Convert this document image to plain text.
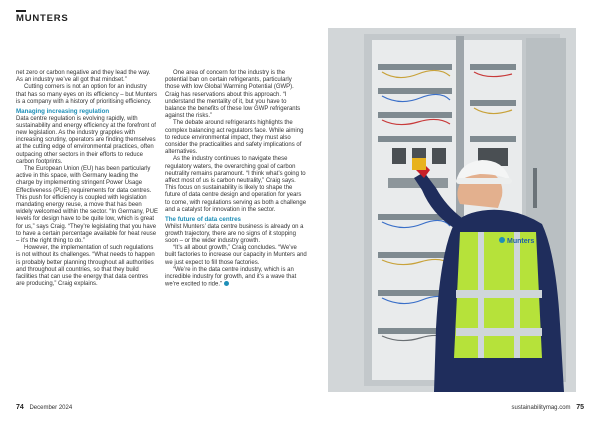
MUNTERS

net zero or carbon negative and they lead the way. As an industry we’ve all got that mindset.”

Cutting corners is not an option for an industry that has so many eyes on its efficiency – but Munters is a company with a history of prioritising efficiency.

Managing increasing regulation

Data centre regulation is evolving rapidly, with sustainability and energy efficiency at the forefront of new legislation. As the industry grapples with increasing scrutiny, operators are finding themselves at the cutting edge of environmental practices, often outpacing other sectors in their efforts to reduce carbon footprints.

The European Union (EU) has been particularly active in this space, with Germany leading the charge by implementing stringent Power Usage Effectiveness (PUE) requirements for data centres. This push for efficiency is coupled with legislation mandating energy reuse, a move that has been widely welcomed within the sector. “In Germany, PUE levels for design have to be quite low, which is great for us,” says Craig. “They’re legislating that you have to have a certain percentage available for heat reuse – it’s the right thing to do.”

However, the implementation of such regulations is not without its challenges. “What needs to happen is probably better planning throughout all authorities and throughout all countries, so that they build facilities that can use the energy that data centres are producing,” Craig explains.

One area of concern for the industry is the potential ban on certain refrigerants, particularly those with low Global Warming Potential (GWP). Craig has reservations about this approach. “I understand the mentality of it, but you have to balance the benefits of these low GWP refrigerants against the risks.”

The debate around refrigerants highlights the complex balancing act regulators face. While aiming to reduce environmental impact, they must also consider the practicalities and safety implications of alternatives.

As the industry continues to navigate these regulatory waters, the overarching goal of carbon neutrality remains paramount. “I think what’s going to affect most of us is carbon neutrality,” Craig says. This focus on sustainability is likely to shape the future of data centre design and operation for years to come, with regulations serving as both a challenge and a catalyst for innovation in the sector.

The future of data centres

Whilst Munters’ data centre business is already on a growth trajectory, there are no signs of it stopping soon – or the wider industry growth.

“It’s all about growth,” Craig concludes. “We’ve built factories to increase our capacity in Munters and we just expect to fill those factories.

“We’re in the data centre industry, which is an incredible industry for growth, and it’s a wave that we’re excited to ride.”

Munters
74 December 2024	sustainabilitymag.com 75
